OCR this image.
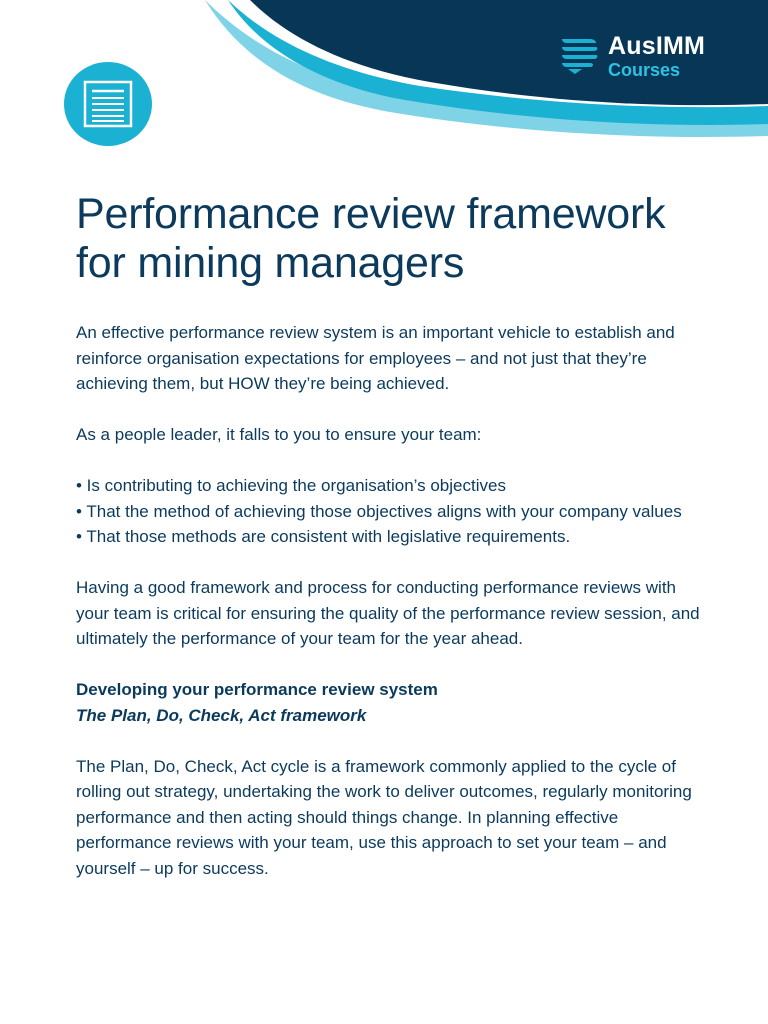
AusIMM
Courses
Performance review framework for mining managers

An effective performance review system is an important vehicle to establish and reinforce organisation expectations for employees – and not just that they’re achieving them, but HOW they’re being achieved.

As a people leader, it falls to you to ensure your team:

• Is contributing to achieving the organisation’s objectives
• That the method of achieving those objectives aligns with your company values
• That those methods are consistent with legislative requirements.

Having a good framework and process for conducting performance reviews with your team is critical for ensuring the quality of the performance review session, and ultimately the performance of your team for the year ahead.

Developing your performance review system
The Plan, Do, Check, Act framework

The Plan, Do, Check, Act cycle is a framework commonly applied to the cycle of rolling out strategy, undertaking the work to deliver outcomes, regularly monitoring performance and then acting should things change. In planning effective performance reviews with your team, use this approach to set your team – and yourself – up for success.
